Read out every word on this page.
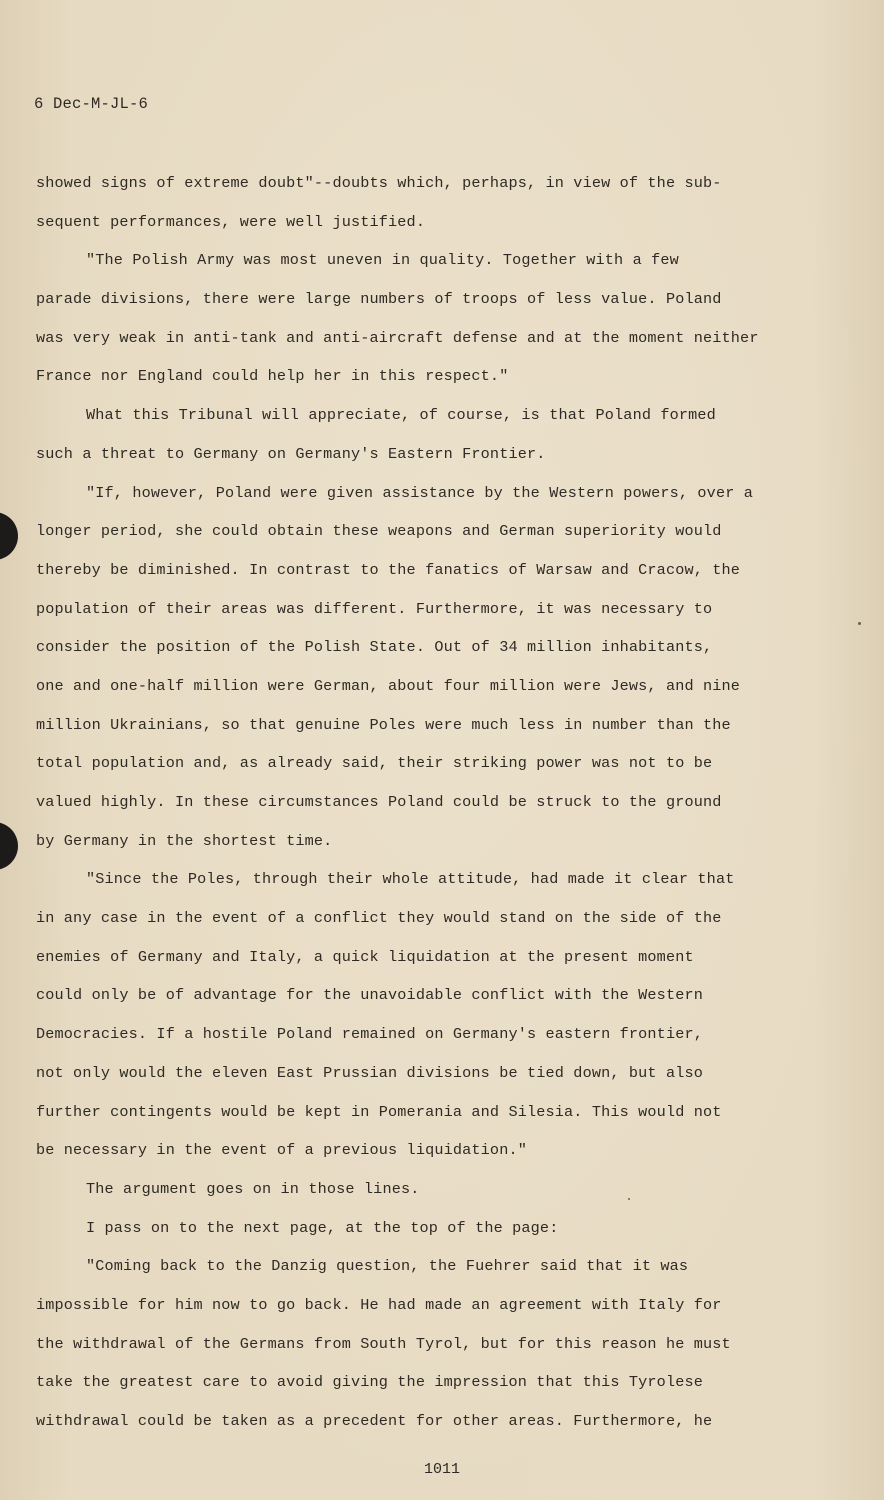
6 Dec-M-JL-6
showed signs of extreme doubt"--doubts which, perhaps, in view of the sub-
sequent performances, were well justified.
"The Polish Army was most uneven in quality. Together with a few
parade divisions, there were large numbers of troops of less value. Poland
was very weak in anti-tank and anti-aircraft defense and at the moment neither
France nor England could help her in this respect."
What this Tribunal will appreciate, of course, is that Poland formed
such a threat to Germany on Germany's Eastern Frontier.
"If, however, Poland were given assistance by the Western powers, over a
longer period, she could obtain these weapons and German superiority would
thereby be diminished. In contrast to the fanatics of Warsaw and Cracow, the
population of their areas was different. Furthermore, it was necessary to
consider the position of the Polish State. Out of 34 million inhabitants,
one and one-half million were German, about four million were Jews, and nine
million Ukrainians, so that genuine Poles were much less in number than the
total population and, as already said, their striking power was not to be
valued highly. In these circumstances Poland could be struck to the ground
by Germany in the shortest time.
"Since the Poles, through their whole attitude, had made it clear that
in any case in the event of a conflict they would stand on the side of the
enemies of Germany and Italy, a quick liquidation at the present moment
could only be of advantage for the unavoidable conflict with the Western
Democracies. If a hostile Poland remained on Germany's eastern frontier,
not only would the eleven East Prussian divisions be tied down, but also
further contingents would be kept in Pomerania and Silesia. This would not
be necessary in the event of a previous liquidation."
The argument goes on in those lines.
I pass on to the next page, at the top of the page:
"Coming back to the Danzig question, the Fuehrer said that it was
impossible for him now to go back. He had made an agreement with Italy for
the withdrawal of the Germans from South Tyrol, but for this reason he must
take the greatest care to avoid giving the impression that this Tyrolese
withdrawal could be taken as a precedent for other areas. Furthermore, he
1011
